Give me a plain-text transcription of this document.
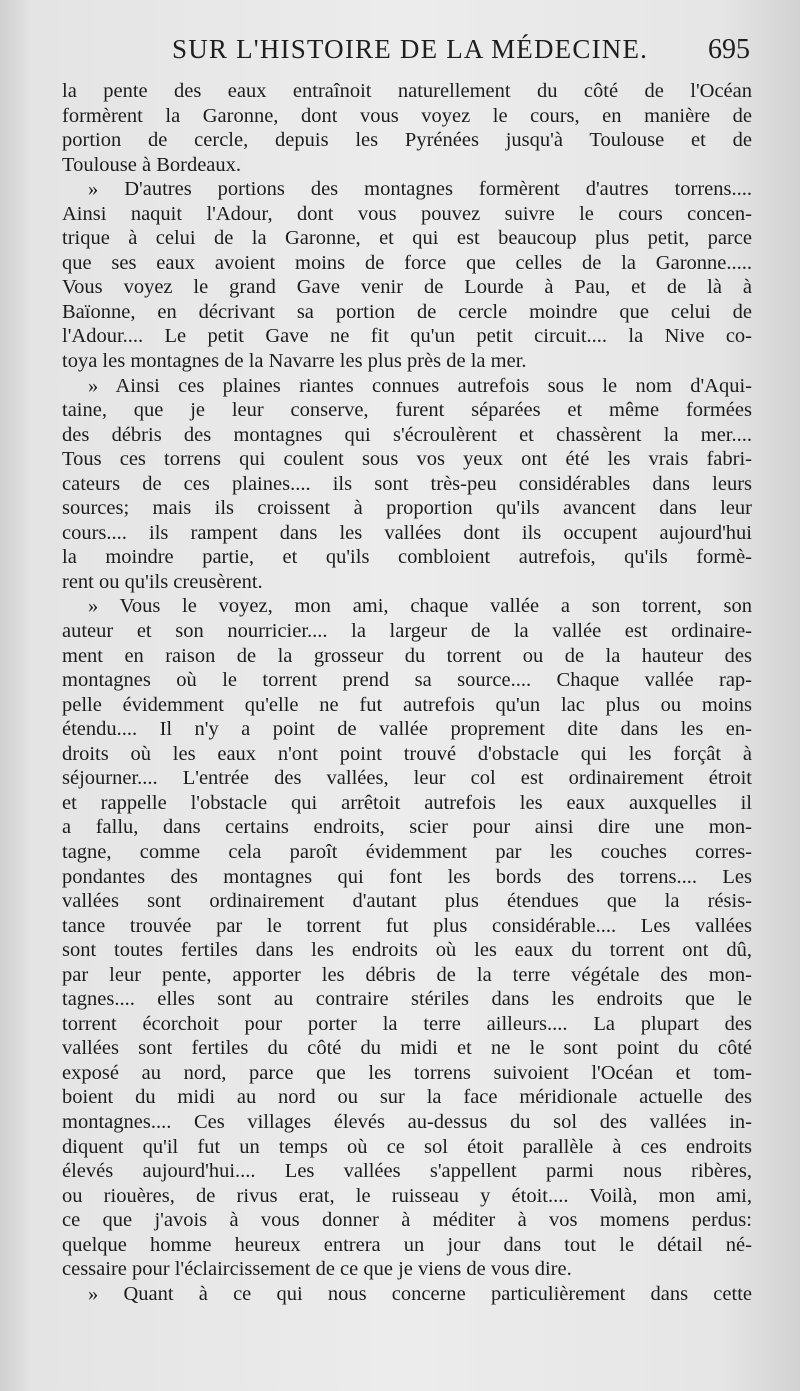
SUR L'HISTOIRE DE LA MÉDECINE. 695
la pente des eaux entraînoit naturellement du côté de l'Océan
formèrent la Garonne, dont vous voyez le cours, en manière de
portion de cercle, depuis les Pyrénées jusqu'à Toulouse et de
Toulouse à Bordeaux.
» D'autres portions des montagnes formèrent d'autres torrens....
Ainsi naquit l'Adour, dont vous pouvez suivre le cours concen-
trique à celui de la Garonne, et qui est beaucoup plus petit, parce
que ses eaux avoient moins de force que celles de la Garonne.....
Vous voyez le grand Gave venir de Lourde à Pau, et de là à
Baïonne, en décrivant sa portion de cercle moindre que celui de
l'Adour.... Le petit Gave ne fit qu'un petit circuit.... la Nive co-
toya les montagnes de la Navarre les plus près de la mer.
» Ainsi ces plaines riantes connues autrefois sous le nom d'Aqui-
taine, que je leur conserve, furent séparées et même formées
des débris des montagnes qui s'écroulèrent et chassèrent la mer....
Tous ces torrens qui coulent sous vos yeux ont été les vrais fabri-
cateurs de ces plaines.... ils sont très-peu considérables dans leurs
sources; mais ils croissent à proportion qu'ils avancent dans leur
cours.... ils rampent dans les vallées dont ils occupent aujourd'hui
la moindre partie, et qu'ils combloient autrefois, qu'ils formè-
rent ou qu'ils creusèrent.
» Vous le voyez, mon ami, chaque vallée a son torrent, son
auteur et son nourricier.... la largeur de la vallée est ordinaire-
ment en raison de la grosseur du torrent ou de la hauteur des
montagnes où le torrent prend sa source.... Chaque vallée rap-
pelle évidemment qu'elle ne fut autrefois qu'un lac plus ou moins
étendu.... Il n'y a point de vallée proprement dite dans les en-
droits où les eaux n'ont point trouvé d'obstacle qui les forçât à
séjourner.... L'entrée des vallées, leur col est ordinairement étroit
et rappelle l'obstacle qui arrêtoit autrefois les eaux auxquelles il
a fallu, dans certains endroits, scier pour ainsi dire une mon-
tagne, comme cela paroît évidemment par les couches corres-
pondantes des montagnes qui font les bords des torrens.... Les
vallées sont ordinairement d'autant plus étendues que la résis-
tance trouvée par le torrent fut plus considérable.... Les vallées
sont toutes fertiles dans les endroits où les eaux du torrent ont dû,
par leur pente, apporter les débris de la terre végétale des mon-
tagnes.... elles sont au contraire stériles dans les endroits que le
torrent écorchoit pour porter la terre ailleurs.... La plupart des
vallées sont fertiles du côté du midi et ne le sont point du côté
exposé au nord, parce que les torrens suivoient l'Océan et tom-
boient du midi au nord ou sur la face méridionale actuelle des
montagnes.... Ces villages élevés au-dessus du sol des vallées in-
diquent qu'il fut un temps où ce sol étoit parallèle à ces endroits
élevés aujourd'hui.... Les vallées s'appellent parmi nous ribères,
ou riouères, de rivus erat, le ruisseau y étoit.... Voilà, mon ami,
ce que j'avois à vous donner à méditer à vos momens perdus:
quelque homme heureux entrera un jour dans tout le détail né-
cessaire pour l'éclaircissement de ce que je viens de vous dire.
» Quant à ce qui nous concerne particulièrement dans cette
